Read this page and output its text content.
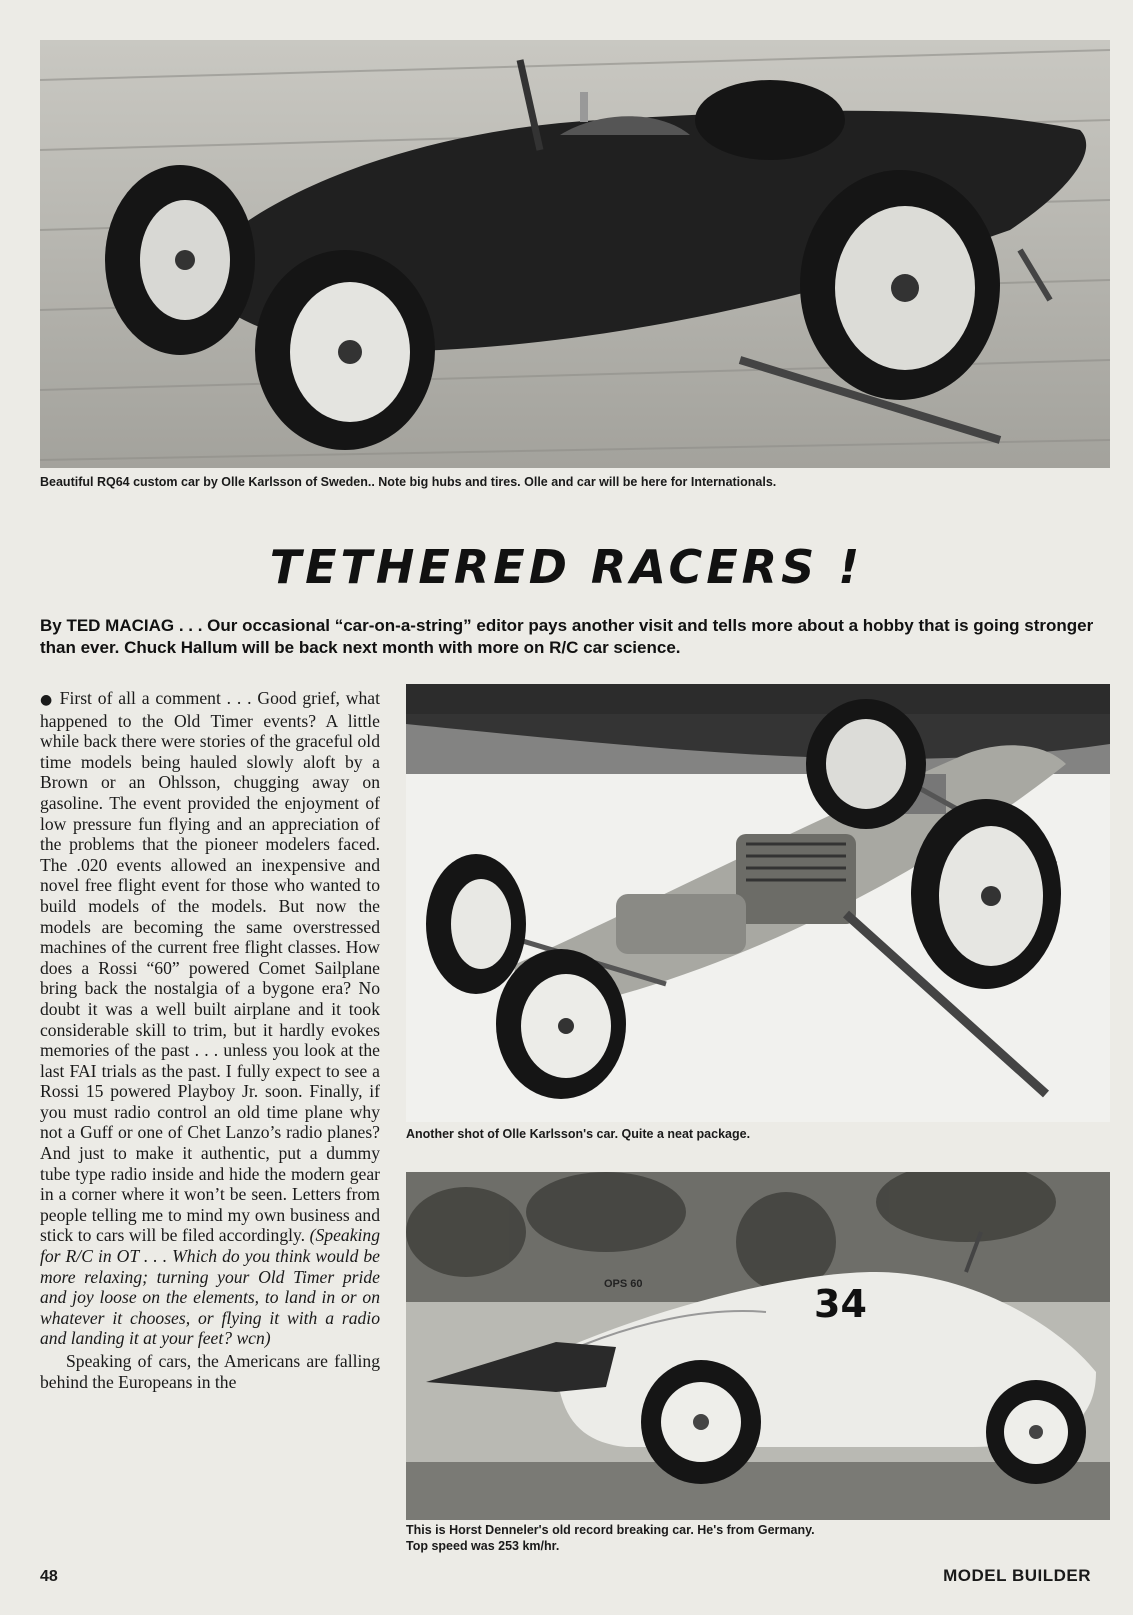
Beautiful RQ64 custom car by Olle Karlsson of Sweden.. Note big hubs and tires. Olle and car will be here for Internationals.
TETHERED RACERS !
By TED MACIAG . . . Our occasional “car-on-a-string” editor pays another visit and tells more about a hobby that is going stronger than ever. Chuck Hallum will be back next month with more on R/C car science.

● First of all a comment . . . Good grief, what happened to the Old Timer events? A little while back there were stories of the graceful old time models being hauled slowly aloft by a Brown or an Ohlsson, chugging away on gasoline. The event provided the enjoyment of low pressure fun flying and an appreciation of the problems that the pioneer modelers faced. The .020 events allowed an inexpensive and novel free flight event for those who wanted to build models of the models. But now the models are becoming the same overstressed machines of the current free flight classes. How does a Rossi “60” powered Comet Sailplane bring back the nostalgia of a bygone era? No doubt it was a well built airplane and it took considerable skill to trim, but it hardly evokes memories of the past . . . unless you look at the last FAI trials as the past. I fully expect to see a Rossi 15 powered Playboy Jr. soon. Finally, if you must radio control an old time plane why not a Guff or one of Chet Lanzo’s radio planes? And just to make it authentic, put a dummy tube type radio inside and hide the modern gear in a corner where it won’t be seen. Letters from people telling me to mind my own business and stick to cars will be filed accordingly. (Speaking for R/C in OT . . . Which do you think would be more relaxing; turning your Old Timer pride and joy loose on the elements, to land in or on whatever it chooses, or flying it with a radio and landing it at your feet? wcn)

Speaking of cars, the Americans are falling behind the Europeans in the

Another shot of Olle Karlsson's car. Quite a neat package.
OPS 60	34
This is Horst Denneler's old record breaking car. He's from Germany.
Top speed was 253 km/hr.
48	MODEL BUILDER
